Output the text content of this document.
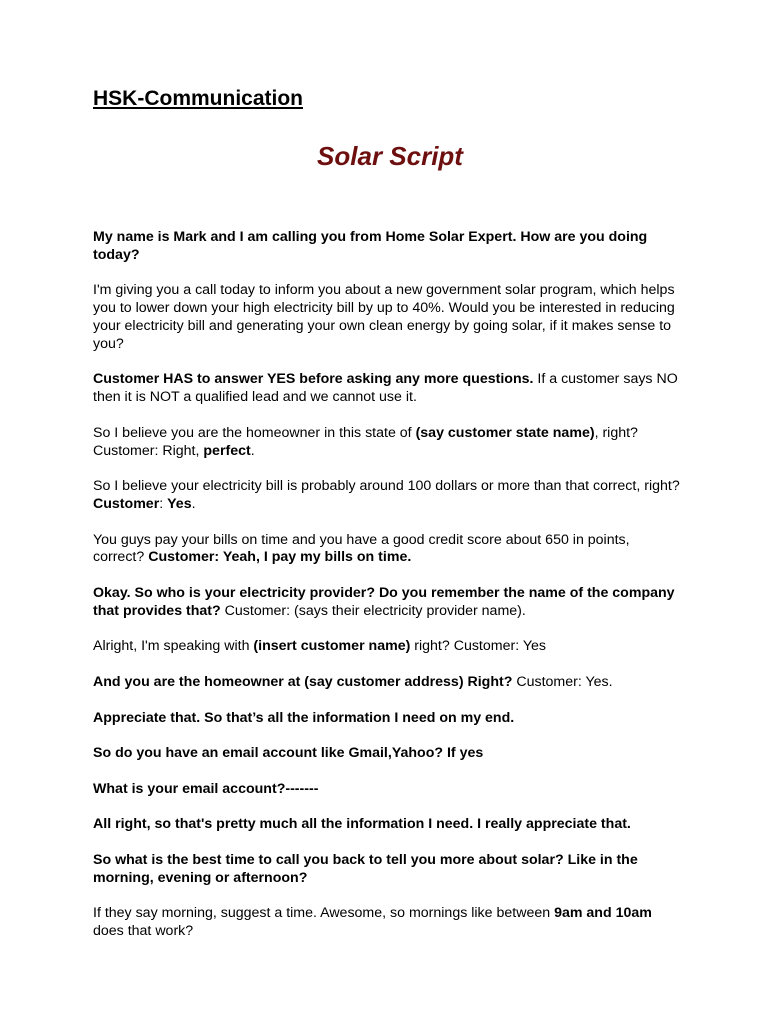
HSK-Communication
Solar Script

My name is Mark and I am calling you from Home Solar Expert. How are you doing today?

I'm giving you a call today to inform you about a new government solar program, which helps you to lower down your high electricity bill by up to 40%. Would you be interested in reducing your electricity bill and generating your own clean energy by going solar, if it makes sense to you?

Customer HAS to answer YES before asking any more questions. If a customer says NO then it is NOT a qualified lead and we cannot use it.

So I believe you are the homeowner in this state of (say customer state name), right? Customer: Right, perfect.

So I believe your electricity bill is probably around 100 dollars or more than that correct, right? Customer: Yes.

You guys pay your bills on time and you have a good credit score about 650 in points, correct? Customer: Yeah, I pay my bills on time.

Okay. So who is your electricity provider? Do you remember the name of the company that provides that? Customer: (says their electricity provider name).

Alright, I'm speaking with (insert customer name) right? Customer: Yes

And you are the homeowner at (say customer address) Right? Customer: Yes.

Appreciate that. So that’s all the information I need on my end.

So do you have an email account like Gmail,Yahoo? If yes

What is your email account?-------

All right, so that's pretty much all the information I need. I really appreciate that.

So what is the best time to call you back to tell you more about solar? Like in the morning, evening or afternoon?

If they say morning, suggest a time. Awesome, so mornings like between 9am and 10am does that work?
